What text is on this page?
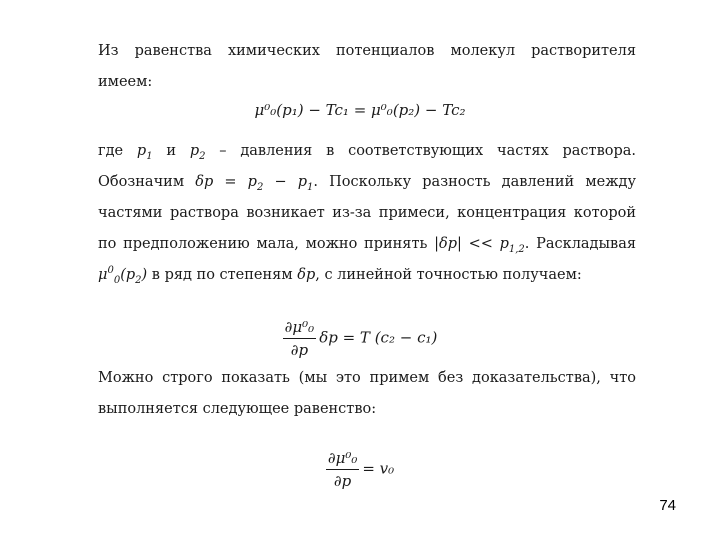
Из равенства химических потенциалов молекул растворителя имеем:

μ⁰₀(p₁) − Tc₁ = μ⁰₀(p₂) − Tc₂

где $p_1$ и $p_2$ – давления в соответствующих частях раствора. Обозначим $\delta p = p_2 - p_1$. Поскольку разность давлений между частями раствора возникает из-за примеси, концентрация которой по предположению мала, можно принять $|\delta p| << p_{1,2}$. Раскладывая $\mu^0_0(p_2)$ в ряд по степеням δp, с линейной точностью получаем:

$\frac{\text{∂μ⁰₀}}{\partial p}$ δp = T (c₂ − c₁)

Можно строго показать (мы это примем без доказательства), что выполняется следующее равенство:

$\frac{\text{∂μ⁰₀}}{\partial p} = v_0$
74
